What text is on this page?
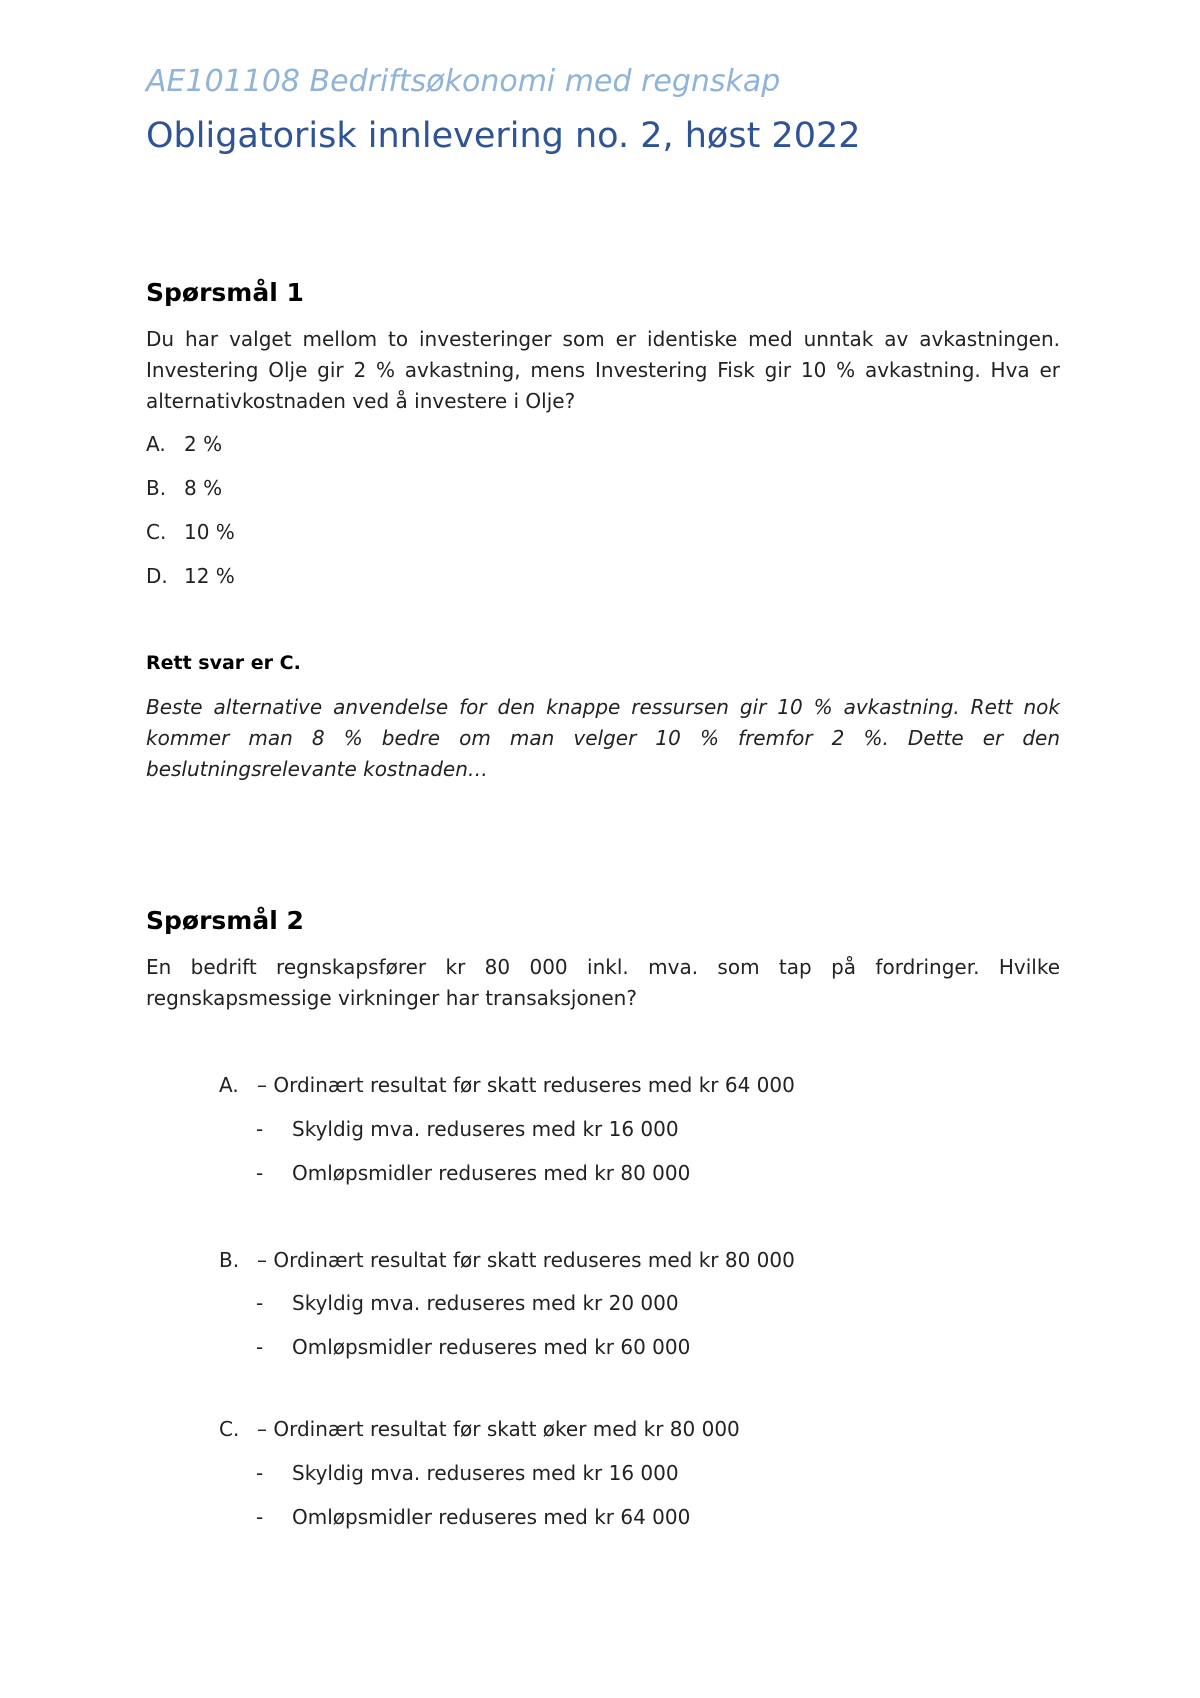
AE101108 Bedriftsøkonomi med regnskap
Obligatorisk innlevering no. 2, høst 2022
Spørsmål 1

Du har valget mellom to investeringer som er identiske med unntak av avkastningen. Investering Olje gir 2 % avkastning, mens Investering Fisk gir 10 % avkastning. Hva er alternativkostnaden ved å investere i Olje?

A. 2 %

B. 8 %

C. 10 %

D. 12 %

Rett svar er C.

Beste alternative anvendelse for den knappe ressursen gir 10 % avkastning. Rett nok kommer man 8 % bedre om man velger 10 % fremfor 2 %. Dette er den beslutningsrelevante kostnaden…

Spørsmål 2

En bedrift regnskapsfører kr 80 000 inkl. mva. som tap på fordringer. Hvilke regnskapsmessige virkninger har transaksjonen?

A. – Ordinært resultat før skatt reduseres med kr 64 000

- Skyldig mva. reduseres med kr 16 000

- Omløpsmidler reduseres med kr 80 000

B. – Ordinært resultat før skatt reduseres med kr 80 000

- Skyldig mva. reduseres med kr 20 000

- Omløpsmidler reduseres med kr 60 000

C. – Ordinært resultat før skatt øker med kr 80 000

- Skyldig mva. reduseres med kr 16 000

- Omløpsmidler reduseres med kr 64 000
